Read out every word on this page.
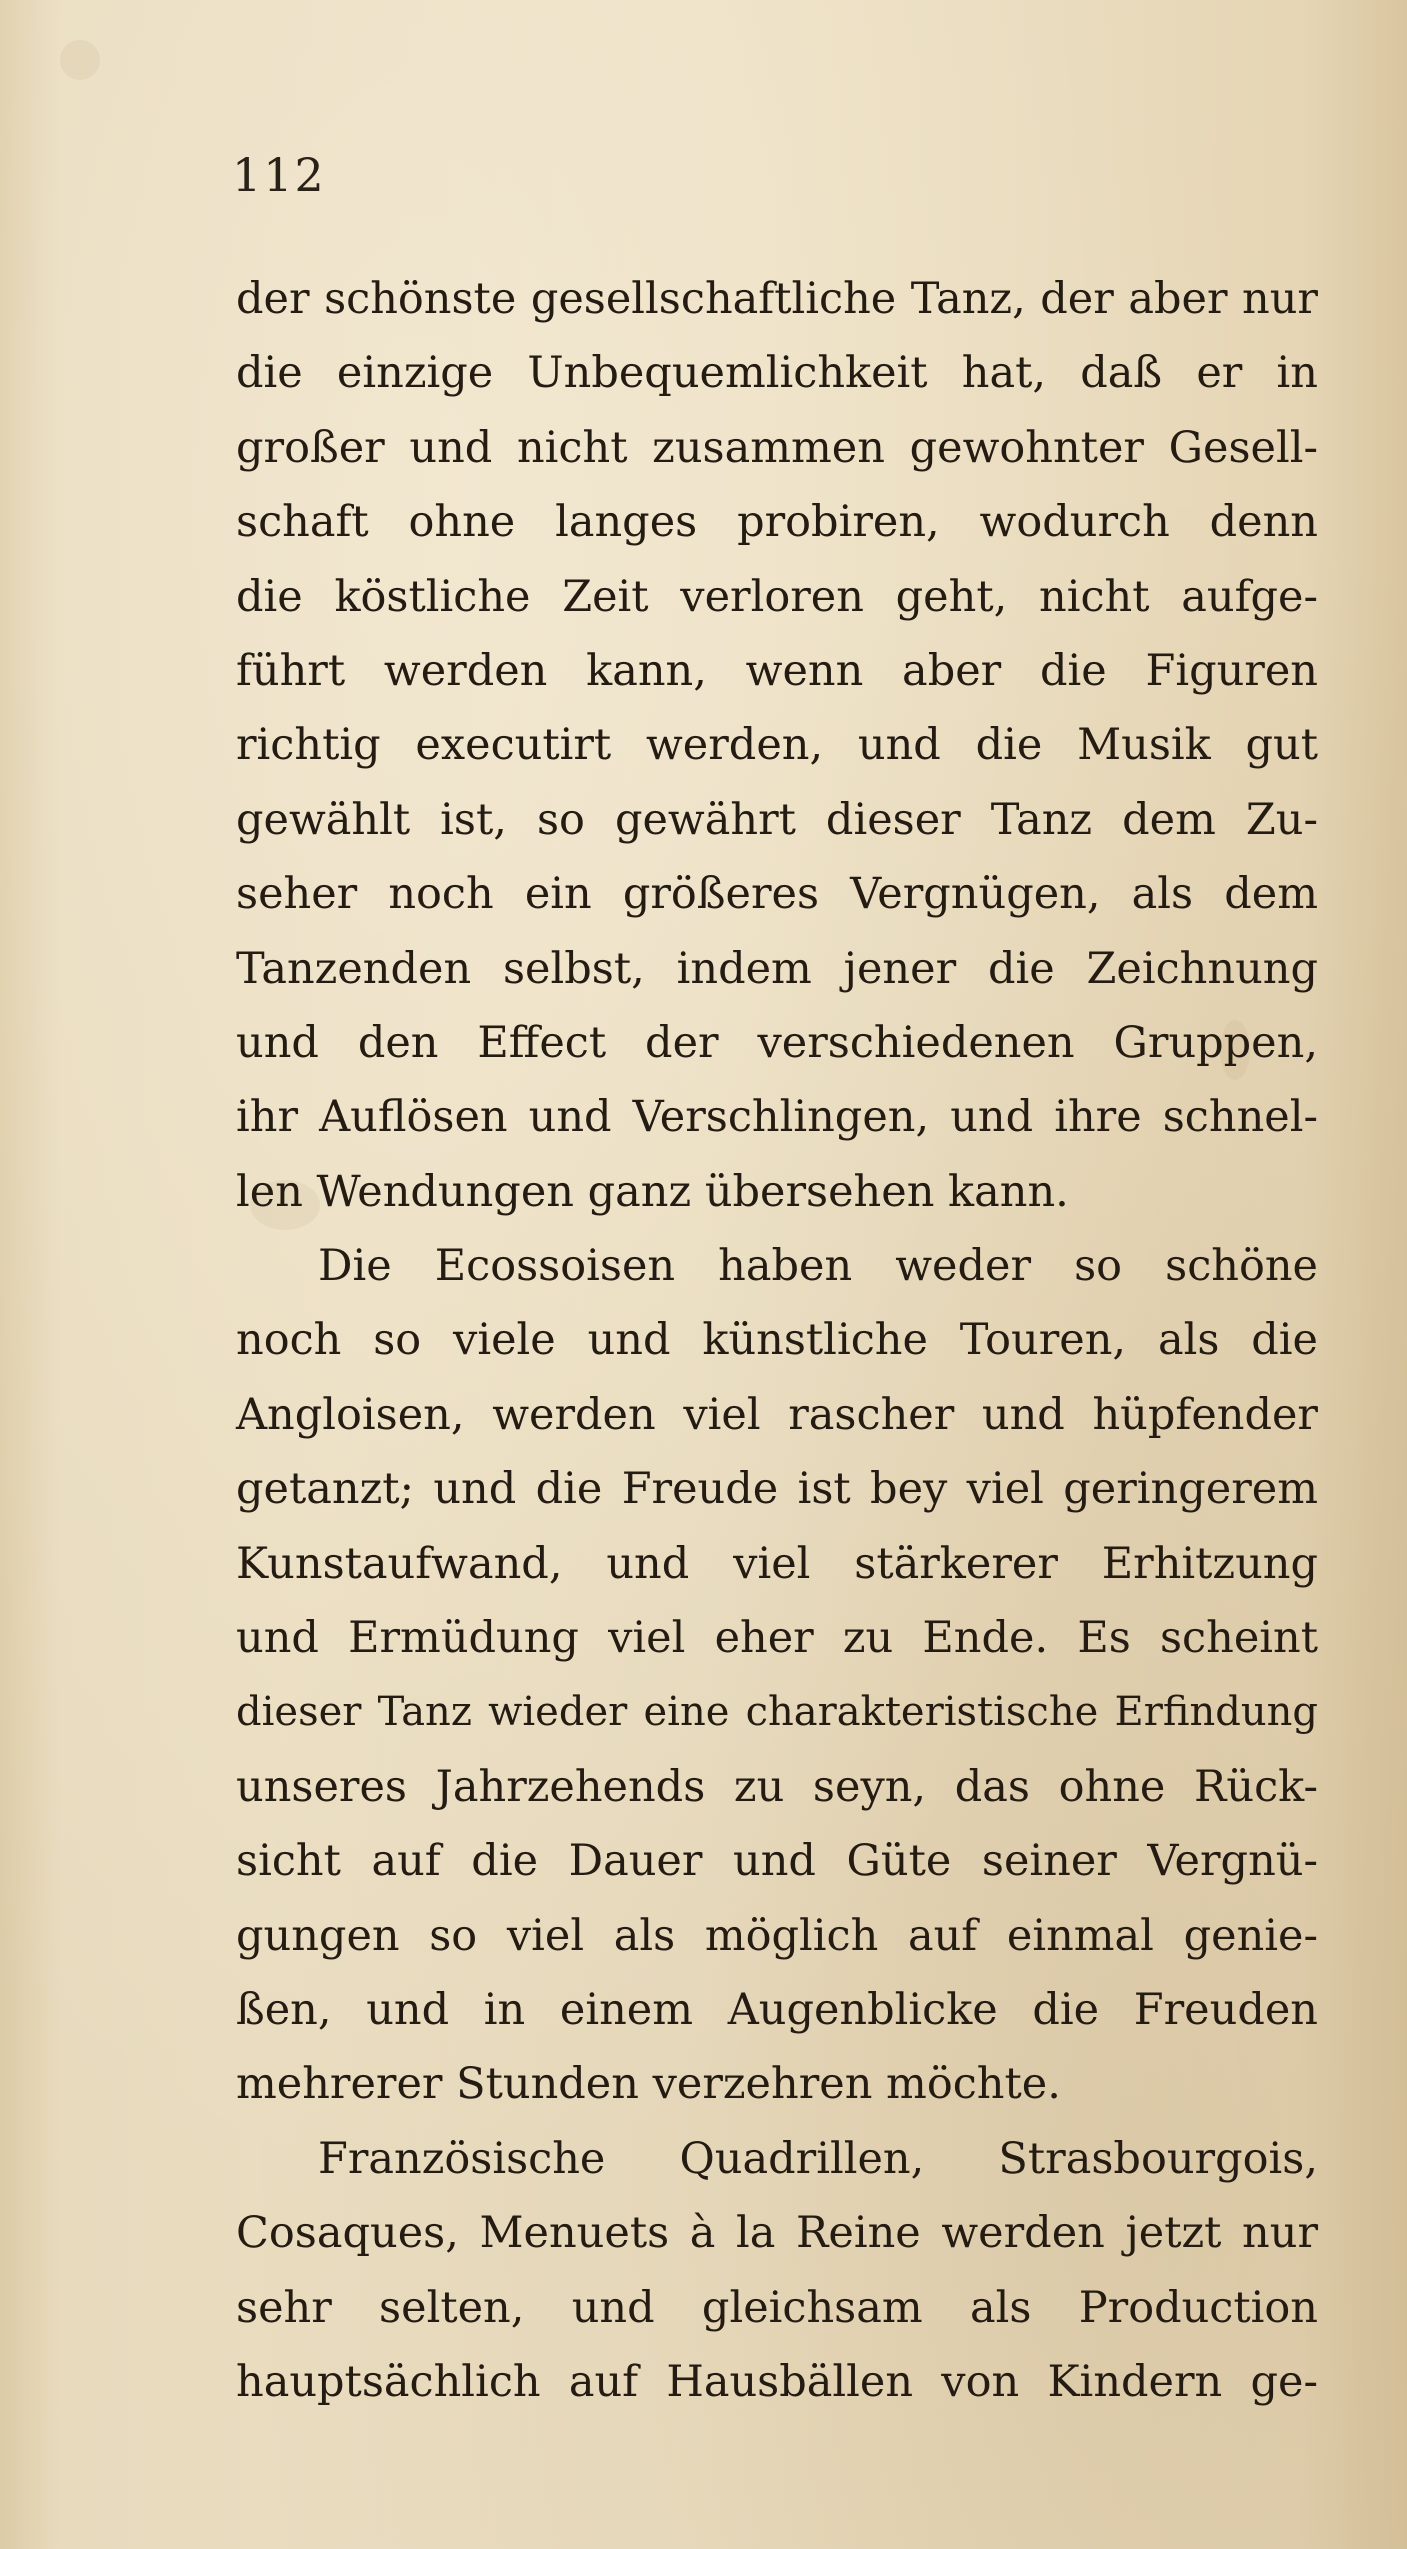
112
der schönste gesellschaftliche Tanz, der aber nur
die einzige Unbequemlichkeit hat, daß er in
großer und nicht zusammen gewohnter Gesell-
schaft ohne langes probiren, wodurch denn
die köstliche Zeit verloren geht, nicht aufge-
führt werden kann, wenn aber die Figuren
richtig executirt werden, und die Musik gut
gewählt ist, so gewährt dieser Tanz dem Zu-
seher noch ein größeres Vergnügen, als dem
Tanzenden selbst, indem jener die Zeichnung
und den Effect der verschiedenen Gruppen,
ihr Auflösen und Verschlingen, und ihre schnel-
len Wendungen ganz übersehen kann.
Die Ecossoisen haben weder so schöne
noch so viele und künstliche Touren, als die
Angloisen, werden viel rascher und hüpfender
getanzt; und die Freude ist bey viel geringerem
Kunstaufwand, und viel stärkerer Erhitzung
und Ermüdung viel eher zu Ende. Es scheint
dieser Tanz wieder eine charakteristische Erfindung
unseres Jahrzehends zu seyn, das ohne Rück-
sicht auf die Dauer und Güte seiner Vergnü-
gungen so viel als möglich auf einmal genie-
ßen, und in einem Augenblicke die Freuden
mehrerer Stunden verzehren möchte.
Französische Quadrillen, Strasbourgois,
Cosaques, Menuets à la Reine werden jetzt nur
sehr selten, und gleichsam als Production
hauptsächlich auf Hausbällen von Kindern ge-
